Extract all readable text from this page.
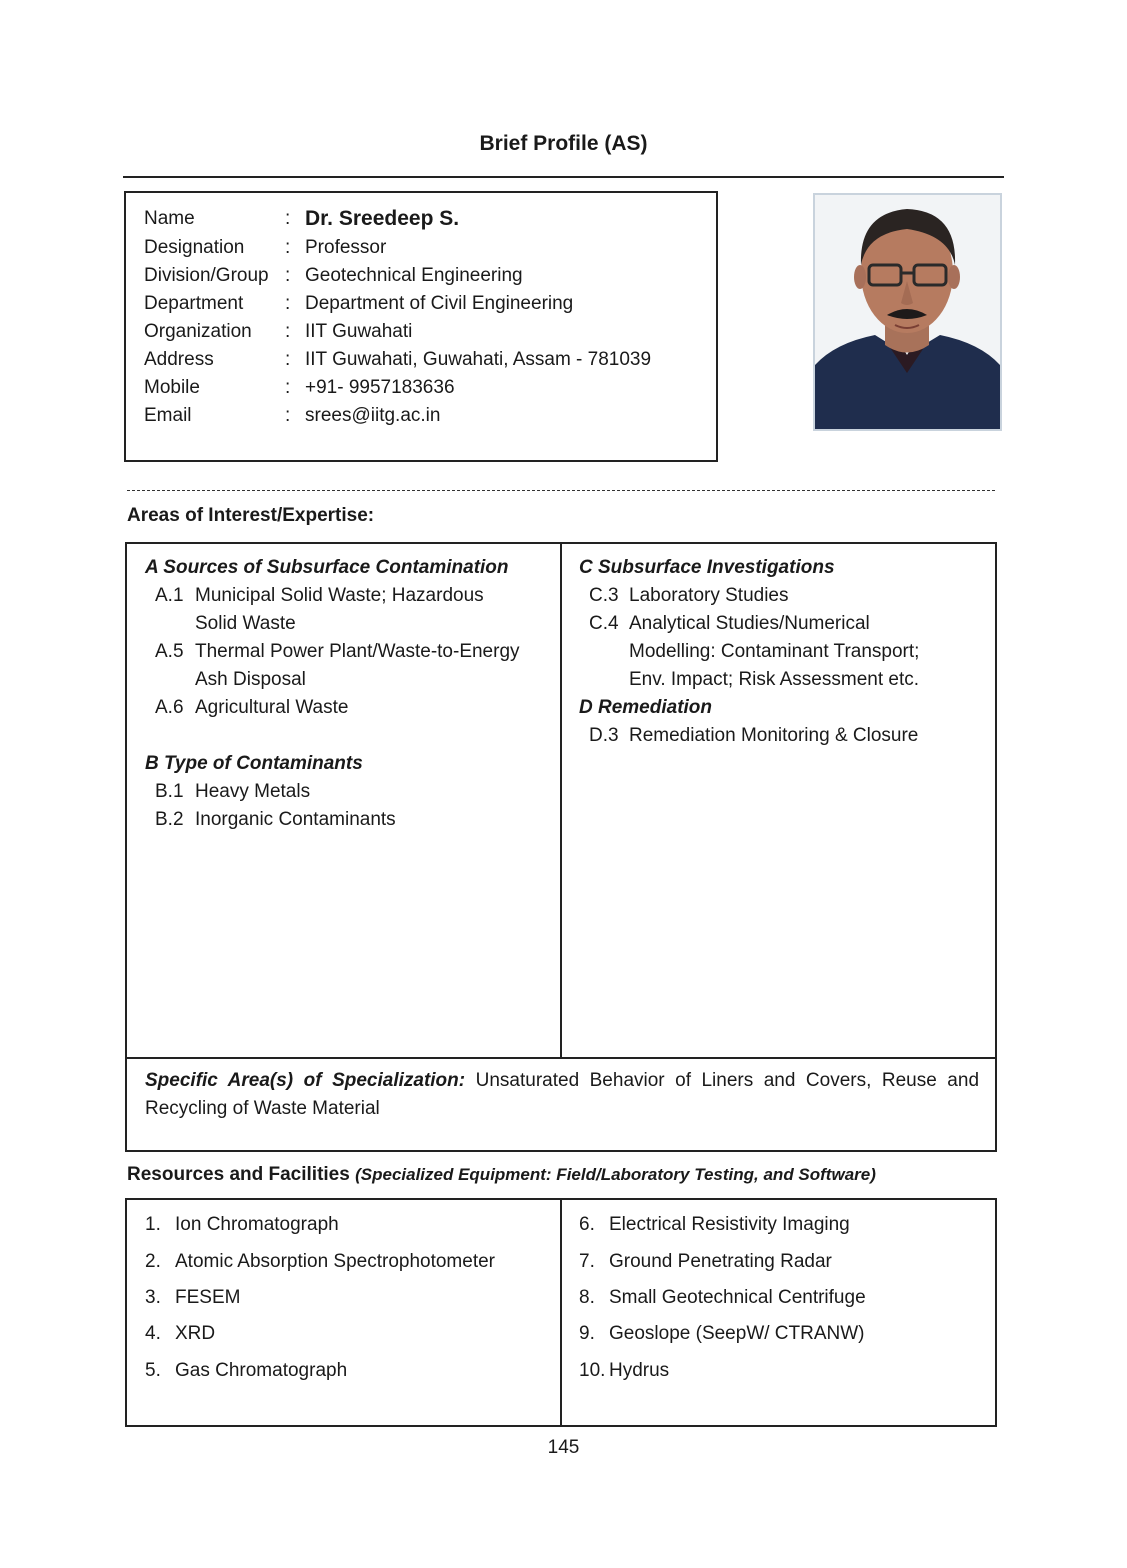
Brief Profile (AS)
Name	: Dr. Sreedeep S.
Designation	: Professor
Division/Group : Geotechnical Engineering
Department	: Department of Civil Engineering
Organization	: IIT Guwahati
Address	: IIT Guwahati, Guwahati, Assam - 781039
Mobile	: +91- 9957183636
Email	: srees@iitg.ac.in
Areas of Interest/Expertise:
A Sources of Subsurface Contamination
A.1 Municipal Solid Waste; Hazardous
Solid Waste
A.5 Thermal Power Plant/Waste-to-Energy
Ash Disposal
A.6 Agricultural Waste
B Type of Contaminants
B.1 Heavy Metals
B.2 Inorganic Contaminants
C Subsurface Investigations
C.3 Laboratory Studies
C.4 Analytical Studies/Numerical
Modelling: Contaminant Transport;
Env. Impact; Risk Assessment etc.
D Remediation
D.3 Remediation Monitoring & Closure
Specific Area(s) of Specialization: Unsaturated Behavior of Liners and Covers, Reuse and Recycling of Waste Material
Resources and Facilities (Specialized Equipment: Field/Laboratory Testing, and Software)
1. Ion Chromatograph
2. Atomic Absorption Spectrophotometer
3. FESEM
4. XRD
5. Gas Chromatograph
6. Electrical Resistivity Imaging
7. Ground Penetrating Radar
8. Small Geotechnical Centrifuge
9. Geoslope (SeepW/ CTRANW)
10. Hydrus
145
